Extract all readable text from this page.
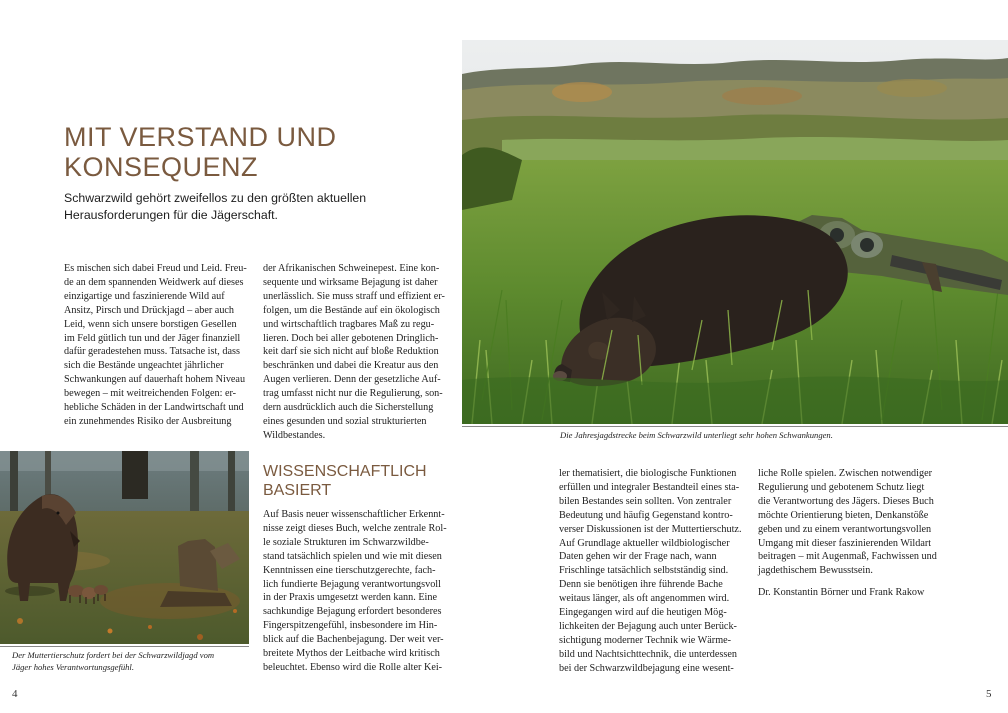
MIT VERSTAND UND
KONSEQUENZ

Schwarzwild gehört zweifellos zu den größten aktuellen
Herausforderungen für die Jägerschaft.

Es mischen sich dabei Freud und Leid. Freu-
de an dem spannenden Weidwerk auf dieses
einzigartige und faszinierende Wild auf
Ansitz, Pirsch und Drückjagd – aber auch
Leid, wenn sich unsere borstigen Gesellen
im Feld gütlich tun und der Jäger finanziell
dafür geradestehen muss. Tatsache ist, dass
sich die Bestände ungeachtet jährlicher
Schwankungen auf dauerhaft hohem Niveau
bewegen – mit weitreichenden Folgen: er-
hebliche Schäden in der Landwirtschaft und
ein zunehmendes Risiko der Ausbreitung
der Afrikanischen Schweinepest. Eine kon-
sequente und wirksame Bejagung ist daher
unerlässlich. Sie muss straff und effizient er-
folgen, um die Bestände auf ein ökologisch
und wirtschaftlich tragbares Maß zu regu-
lieren. Doch bei aller gebotenen Dringlich-
keit darf sie sich nicht auf bloße Reduktion
beschränken und dabei die Kreatur aus den
Augen verlieren. Denn der gesetzliche Auf-
trag umfasst nicht nur die Regulierung, son-
dern ausdrücklich auch die Sicherstellung
eines gesunden und sozial strukturierten
Wildbestandes.

Der Muttertierschutz fordert bei der Schwarzwildjagd vom
Jäger hohes Verantwortungsgefühl.

WISSENSCHAFTLICH
BASIERT
Auf Basis neuer wissenschaftlicher Erkennt-
nisse zeigt dieses Buch, welche zentrale Rol-
le soziale Strukturen im Schwarzwildbe-
stand tatsächlich spielen und wie mit diesen
Kenntnissen eine tierschutzgerechte, fach-
lich fundierte Bejagung verantwortungsvoll
in der Praxis umgesetzt werden kann. Eine
sachkundige Bejagung erfordert besonderes
Fingerspitzengefühl, insbesondere im Hin-
blick auf die Bachenbejagung. Der weit ver-
breitete Mythos der Leitbache wird kritisch
beleuchtet. Ebenso wird die Rolle alter Kei-
4

Die Jahresjagdstrecke beim Schwarzwild unterliegt sehr hohen Schwankungen.

ler thematisiert, die biologische Funktionen
erfüllen und integraler Bestandteil eines sta-
bilen Bestandes sein sollten. Von zentraler
Bedeutung und häufig Gegenstand kontro-
verser Diskussionen ist der Muttertierschutz.
Auf Grundlage aktueller wildbiologischer
Daten gehen wir der Frage nach, wann
Frischlinge tatsächlich selbstständig sind.
Denn sie benötigen ihre führende Bache
weitaus länger, als oft angenommen wird.
Eingegangen wird auf die heutigen Mög-
lichkeiten der Bejagung auch unter Berück-
sichtigung moderner Technik wie Wärme-
bild und Nachtsichttechnik, die unterdessen
bei der Schwarzwildbejagung eine wesent-
liche Rolle spielen. Zwischen notwendiger
Regulierung und gebotenem Schutz liegt
die Verantwortung des Jägers. Dieses Buch
möchte Orientierung bieten, Denkanstöße
geben und zu einem verantwortungsvollen
Umgang mit dieser faszinierenden Wildart
beitragen – mit Augenmaß, Fachwissen und
jagdethischem Bewusstsein.
Dr. Konstantin Börner und Frank Rakow
5
